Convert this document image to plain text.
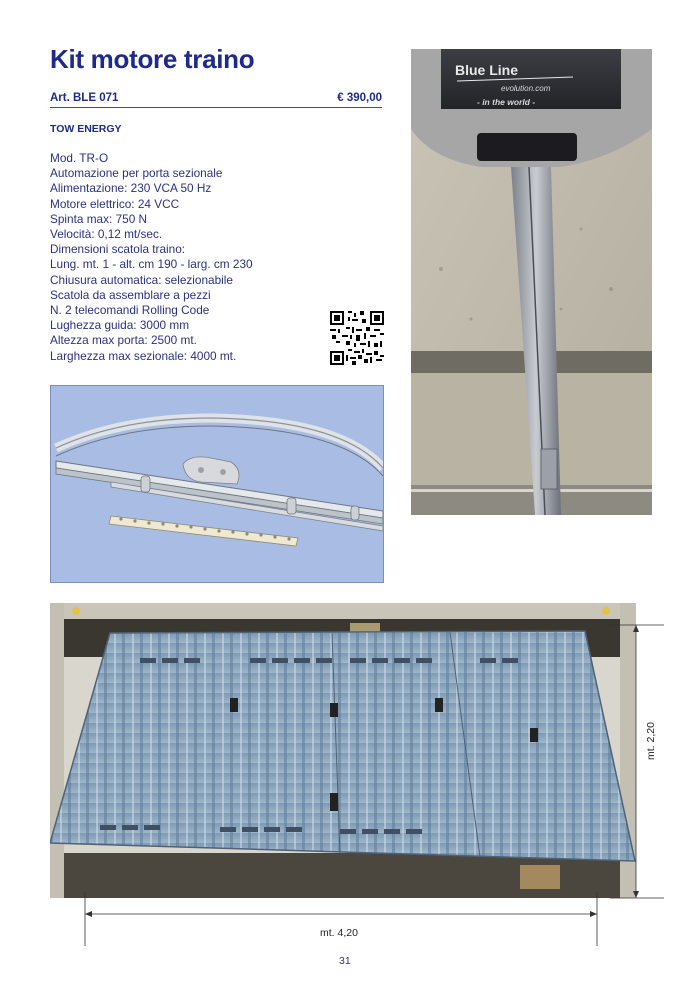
Kit motore traino
Art. BLE 071	€ 390,00
TOW ENERGY
Mod. TR-O
Automazione per porta sezionale
Alimentazione: 230 VCA 50 Hz
Motore elettrico: 24 VCC
Spinta max: 750 N
Velocità: 0,12 mt/sec.
Dimensioni scatola traino:
Lung. mt. 1 - alt. cm 190 - larg. cm 230
Chiusura automatica: selezionabile
Scatola da assemblare a pezzi
N. 2 telecomandi Rolling Code
Lughezza guida: 3000 mm
Altezza max porta: 2500 mt.
Larghezza max sezionale: 4000 mt.
Blue Line
evolution.com
- in the world -
mt. 4,20
mt. 2,20
31
